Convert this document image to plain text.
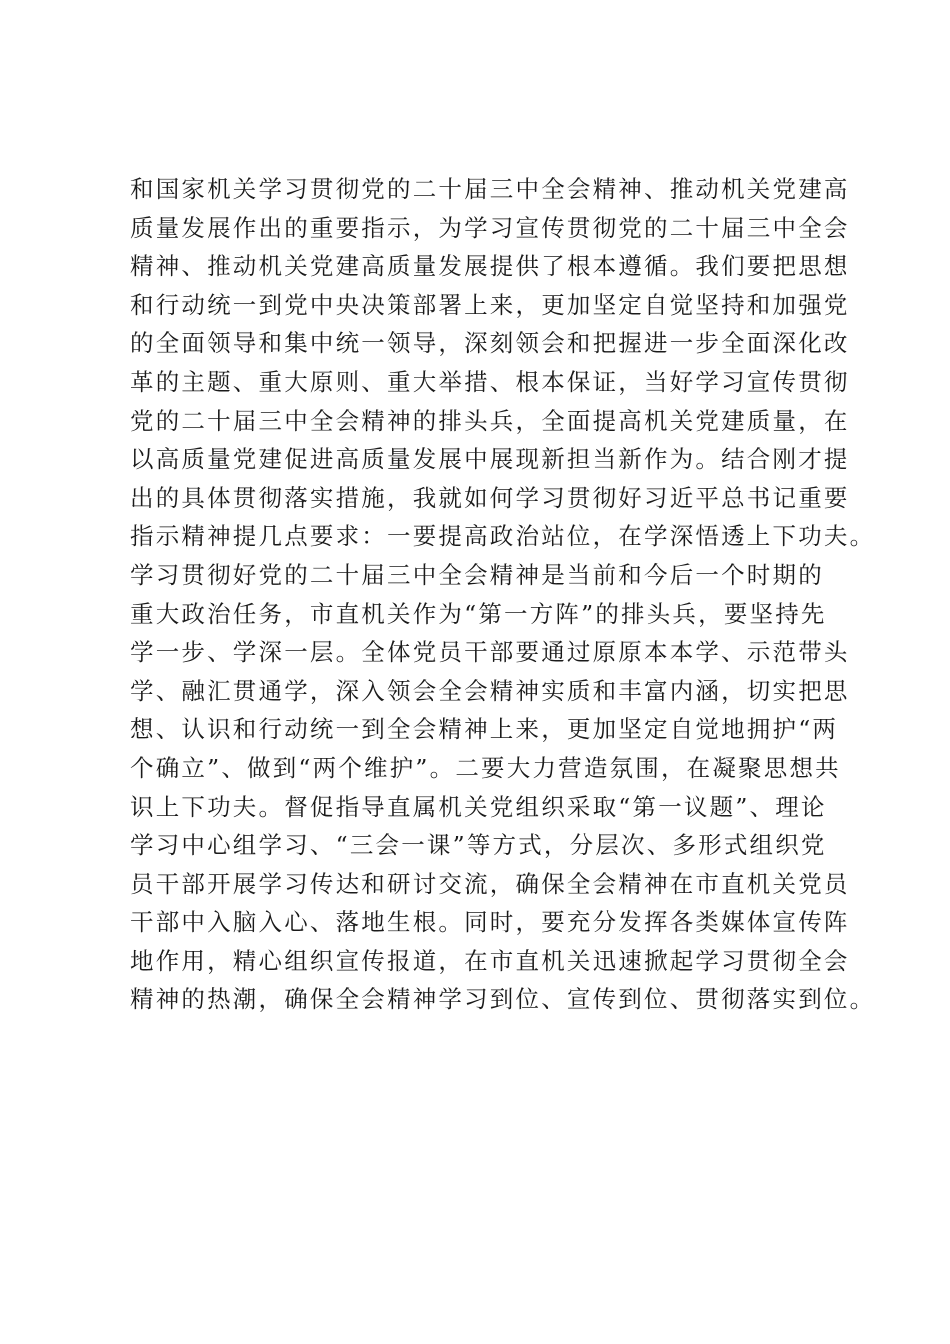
和国家机关学习贯彻党的二十届三中全会精神、推动机关党建高
质量发展作出的重要指示，为学习宣传贯彻党的二十届三中全会
精神、推动机关党建高质量发展提供了根本遵循。我们要把思想
和行动统一到党中央决策部署上来，更加坚定自觉坚持和加强党
的全面领导和集中统一领导，深刻领会和把握进一步全面深化改
革的主题、重大原则、重大举措、根本保证，当好学习宣传贯彻
党的二十届三中全会精神的排头兵，全面提高机关党建质量，在
以高质量党建促进高质量发展中展现新担当新作为。结合刚才提
出的具体贯彻落实措施，我就如何学习贯彻好习近平总书记重要
指示精神提几点要求：一要提高政治站位，在学深悟透上下功夫。
学习贯彻好党的二十届三中全会精神是当前和今后一个时期的
重大政治任务，市直机关作为“第一方阵”的排头兵，要坚持先
学一步、学深一层。全体党员干部要通过原原本本学、示范带头
学、融汇贯通学，深入领会全会精神实质和丰富内涵，切实把思
想、认识和行动统一到全会精神上来，更加坚定自觉地拥护“两
个确立”、做到“两个维护”。二要大力营造氛围，在凝聚思想共
识上下功夫。督促指导直属机关党组织采取“第一议题”、理论
学习中心组学习、“三会一课”等方式，分层次、多形式组织党
员干部开展学习传达和研讨交流，确保全会精神在市直机关党员
干部中入脑入心、落地生根。同时，要充分发挥各类媒体宣传阵
地作用，精心组织宣传报道，在市直机关迅速掀起学习贯彻全会
精神的热潮，确保全会精神学习到位、宣传到位、贯彻落实到位。
